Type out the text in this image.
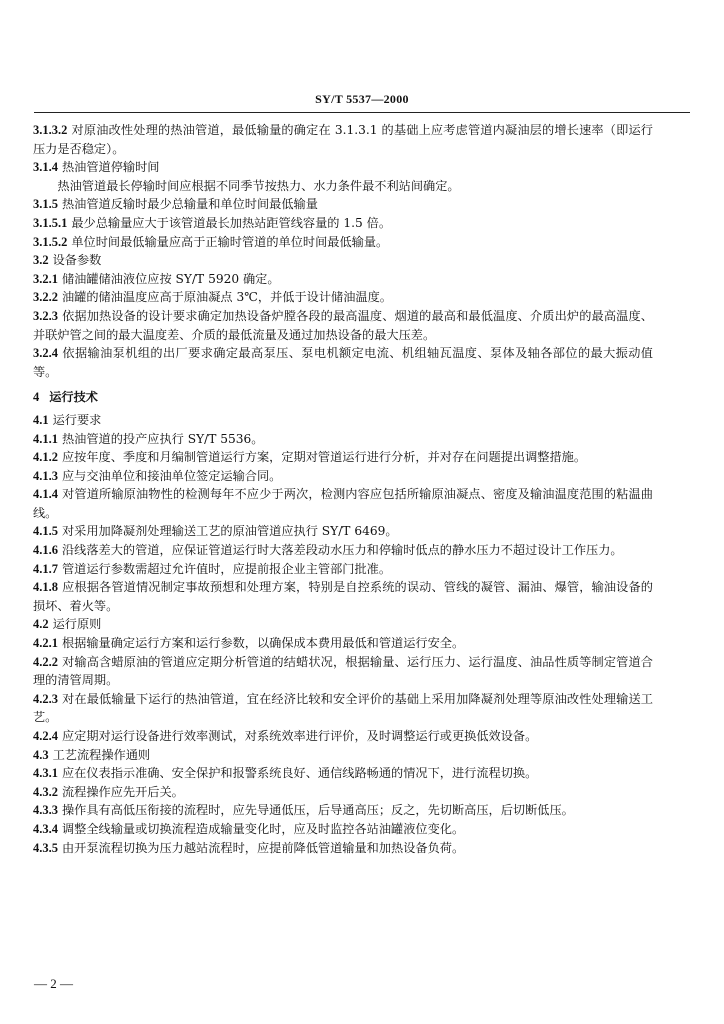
SY/T 5537—2000

3.1.3.2 对原油改性处理的热油管道，最低输量的确定在 3.1.3.1 的基础上应考虑管道内凝油层的增长速率（即运行压力是否稳定）。

3.1.4 热油管道停输时间

热油管道最长停输时间应根据不同季节按热力、水力条件最不利站间确定。

3.1.5 热油管道反输时最少总输量和单位时间最低输量

3.1.5.1 最少总输量应大于该管道最长加热站距管线容量的 1.5 倍。

3.1.5.2 单位时间最低输量应高于正输时管道的单位时间最低输量。

3.2 设备参数

3.2.1 储油罐储油液位应按 SY/T 5920 确定。

3.2.2 油罐的储油温度应高于原油凝点 3℃，并低于设计储油温度。

3.2.3 依据加热设备的设计要求确定加热设备炉膛各段的最高温度、烟道的最高和最低温度、介质出炉的最高温度、并联炉管之间的最大温度差、介质的最低流量及通过加热设备的最大压差。

3.2.4 依据输油泵机组的出厂要求确定最高泵压、泵电机额定电流、机组轴瓦温度、泵体及轴各部位的最大振动值等。

4 运行技术

4.1 运行要求

4.1.1 热油管道的投产应执行 SY/T 5536。

4.1.2 应按年度、季度和月编制管道运行方案，定期对管道运行进行分析，并对存在问题提出调整措施。

4.1.3 应与交油单位和接油单位签定运输合同。

4.1.4 对管道所输原油物性的检测每年不应少于两次，检测内容应包括所输原油凝点、密度及输油温度范围的粘温曲线。

4.1.5 对采用加降凝剂处理输送工艺的原油管道应执行 SY/T 6469。

4.1.6 沿线落差大的管道，应保证管道运行时大落差段动水压力和停输时低点的静水压力不超过设计工作压力。

4.1.7 管道运行参数需超过允许值时，应提前报企业主管部门批准。

4.1.8 应根据各管道情况制定事故预想和处理方案，特别是自控系统的误动、管线的凝管、漏油、爆管，输油设备的损坏、着火等。

4.2 运行原则

4.2.1 根据输量确定运行方案和运行参数，以确保成本费用最低和管道运行安全。

4.2.2 对输高含蜡原油的管道应定期分析管道的结蜡状况，根据输量、运行压力、运行温度、油品性质等制定管道合理的清管周期。

4.2.3 对在最低输量下运行的热油管道，宜在经济比较和安全评价的基础上采用加降凝剂处理等原油改性处理输送工艺。

4.2.4 应定期对运行设备进行效率测试，对系统效率进行评价，及时调整运行或更换低效设备。

4.3 工艺流程操作通则

4.3.1 应在仪表指示准确、安全保护和报警系统良好、通信线路畅通的情况下，进行流程切换。

4.3.2 流程操作应先开后关。

4.3.3 操作具有高低压衔接的流程时，应先导通低压，后导通高压；反之，先切断高压，后切断低压。

4.3.4 调整全线输量或切换流程造成输量变化时，应及时监控各站油罐液位变化。

4.3.5 由开泵流程切换为压力越站流程时，应提前降低管道输量和加热设备负荷。

— 2 —
